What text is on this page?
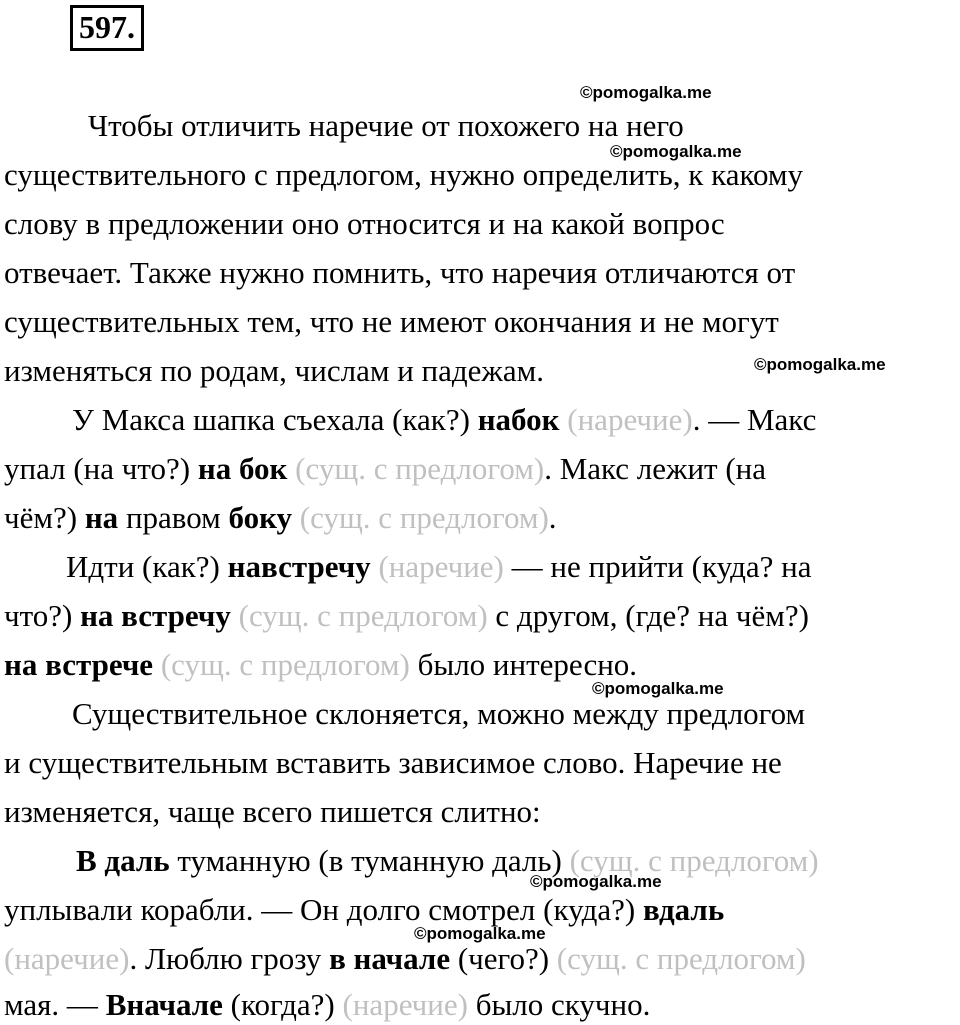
597.
©pomogalka.me
©pomogalka.me
©pomogalka.me
©pomogalka.me
©pomogalka.me
©pomogalka.me
Чтобы отличить наречие от похожего на него
существительного с предлогом, нужно определить, к какому
слову в предложении оно относится и на какой вопрос
отвечает. Также нужно помнить, что наречия отличаются от
существительных тем, что не имеют окончания и не могут
изменяться по родам, числам и падежам.
У Макса шапка съехала (как?) набок (наречие). — Макс
упал (на что?) на бок (сущ. с предлогом). Макс лежит (на
чём?) на правом боку (сущ. с предлогом).
Идти (как?) навстречу (наречие) — не прийти (куда? на
что?) на встречу (сущ. с предлогом) с другом, (где? на чём?)
на встрече (сущ. с предлогом) было интересно.
Существительное склоняется, можно между предлогом
и существительным вставить зависимое слово. Наречие не
изменяется, чаще всего пишется слитно:
В даль туманную (в туманную даль) (сущ. с предлогом)
уплывали корабли. — Он долго смотрел (куда?) вдаль
(наречие). Люблю грозу в начале (чего?) (сущ. с предлогом)
мая. — Вначале (когда?) (наречие) было скучно.
